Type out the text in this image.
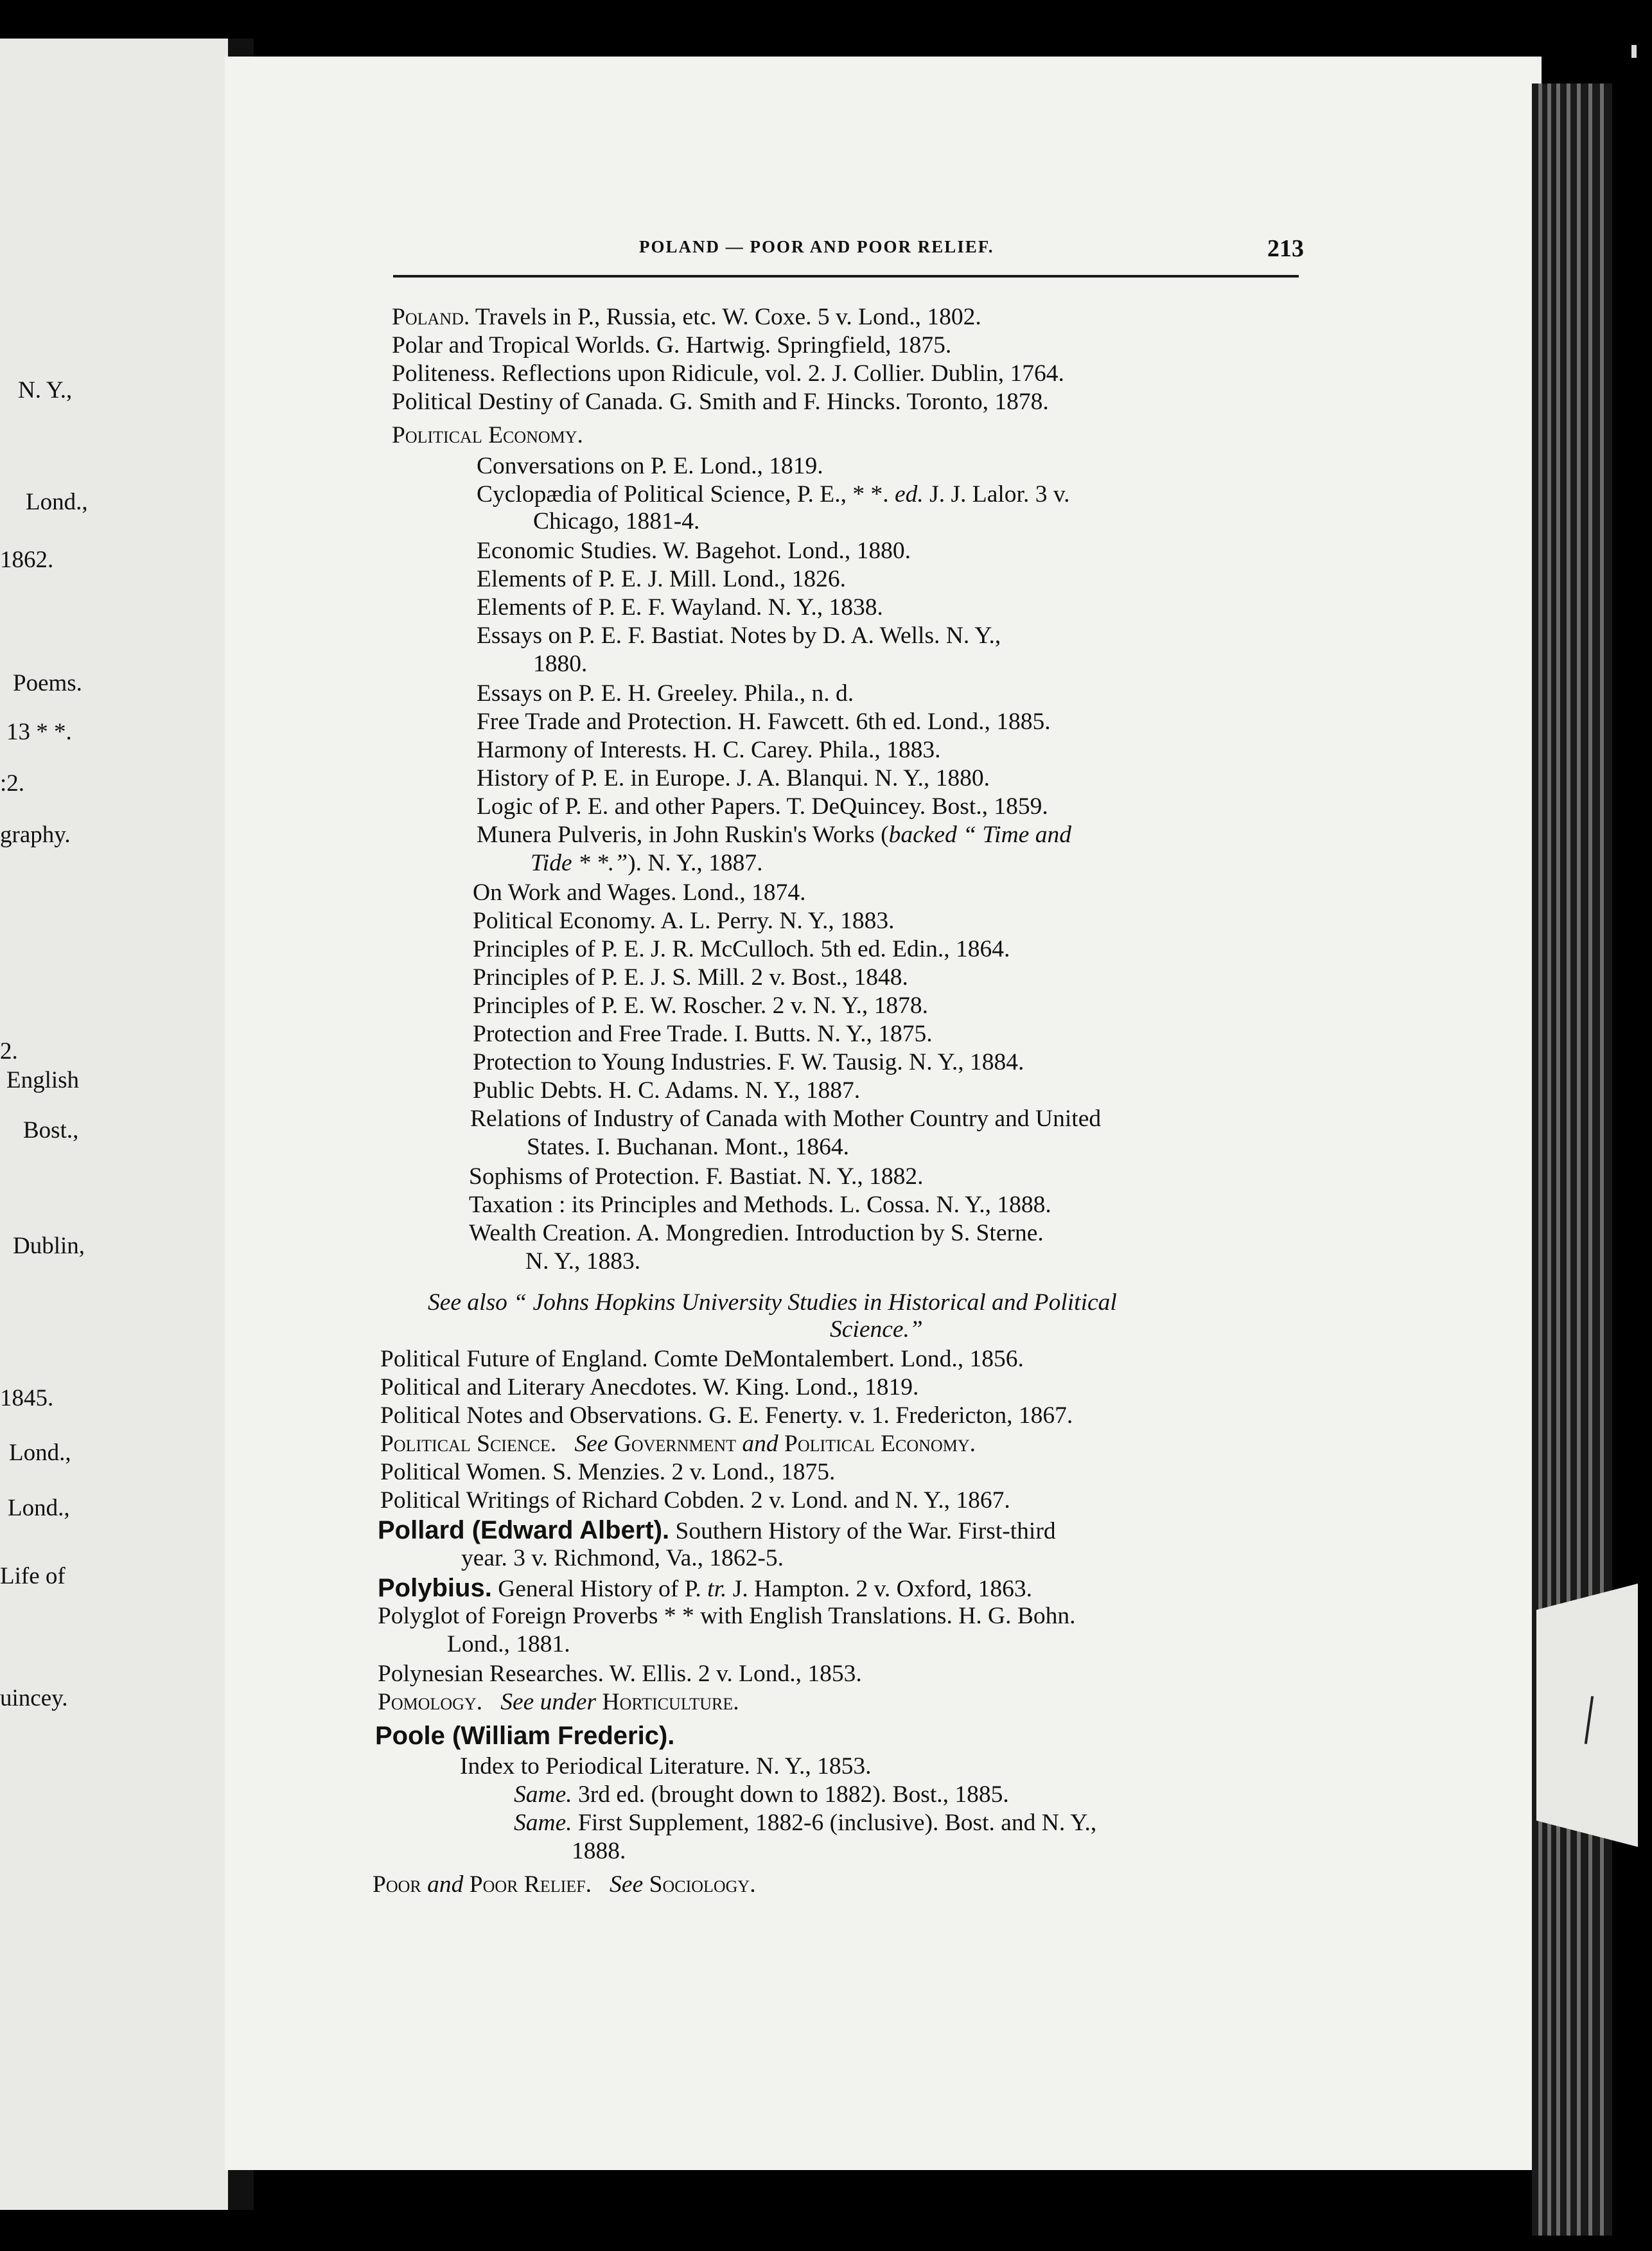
N. Y.,
Lond.,
1862.
Poems.
13 * *.
:2.
graphy.
2.
English
Bost.,
Dublin,
1845.
Lond.,
Lond.,
Life of
uincey.
POLAND — POOR AND POOR RELIEF.	213
Poland. Travels in P., Russia, etc. W. Coxe. 5 v. Lond., 1802.
Polar and Tropical Worlds. G. Hartwig. Springfield, 1875.
Politeness. Reflections upon Ridicule, vol. 2. J. Collier. Dublin, 1764.
Political Destiny of Canada. G. Smith and F. Hincks. Toronto, 1878.
Political Economy.
Conversations on P. E. Lond., 1819.
Cyclopædia of Political Science, P. E., * *. ed. J. J. Lalor. 3 v.
Chicago, 1881-4.
Economic Studies. W. Bagehot. Lond., 1880.
Elements of P. E. J. Mill. Lond., 1826.
Elements of P. E. F. Wayland. N. Y., 1838.
Essays on P. E. F. Bastiat. Notes by D. A. Wells. N. Y.,
1880.
Essays on P. E. H. Greeley. Phila., n. d.
Free Trade and Protection. H. Fawcett. 6th ed. Lond., 1885.
Harmony of Interests. H. C. Carey. Phila., 1883.
History of P. E. in Europe. J. A. Blanqui. N. Y., 1880.
Logic of P. E. and other Papers. T. DeQuincey. Bost., 1859.
Munera Pulveris, in John Ruskin's Works (backed “ Time and
Tide * *.”). N. Y., 1887.
On Work and Wages. Lond., 1874.
Political Economy. A. L. Perry. N. Y., 1883.
Principles of P. E. J. R. McCulloch. 5th ed. Edin., 1864.
Principles of P. E. J. S. Mill. 2 v. Bost., 1848.
Principles of P. E. W. Roscher. 2 v. N. Y., 1878.
Protection and Free Trade. I. Butts. N. Y., 1875.
Protection to Young Industries. F. W. Tausig. N. Y., 1884.
Public Debts. H. C. Adams. N. Y., 1887.
Relations of Industry of Canada with Mother Country and United
States. I. Buchanan. Mont., 1864.
Sophisms of Protection. F. Bastiat. N. Y., 1882.
Taxation : its Principles and Methods. L. Cossa. N. Y., 1888.
Wealth Creation. A. Mongredien. Introduction by S. Sterne.
N. Y., 1883.
See also “ Johns Hopkins University Studies in Historical and Political
Science.”
Political Future of England. Comte DeMontalembert. Lond., 1856.
Political and Literary Anecdotes. W. King. Lond., 1819.
Political Notes and Observations. G. E. Fenerty. v. 1. Fredericton, 1867.
Political Science. See Government and Political Economy.
Political Women. S. Menzies. 2 v. Lond., 1875.
Political Writings of Richard Cobden. 2 v. Lond. and N. Y., 1867.
Pollard (Edward Albert). Southern History of the War. First-third
year. 3 v. Richmond, Va., 1862-5.
Polybius. General History of P. tr. J. Hampton. 2 v. Oxford, 1863.
Polyglot of Foreign Proverbs * * with English Translations. H. G. Bohn.
Lond., 1881.
Polynesian Researches. W. Ellis. 2 v. Lond., 1853.
Pomology. See under Horticulture.
Poole (William Frederic).
Index to Periodical Literature. N. Y., 1853.
Same. 3rd ed. (brought down to 1882). Bost., 1885.
Same. First Supplement, 1882-6 (inclusive). Bost. and N. Y.,
1888.
Poor and Poor Relief. See Sociology.
